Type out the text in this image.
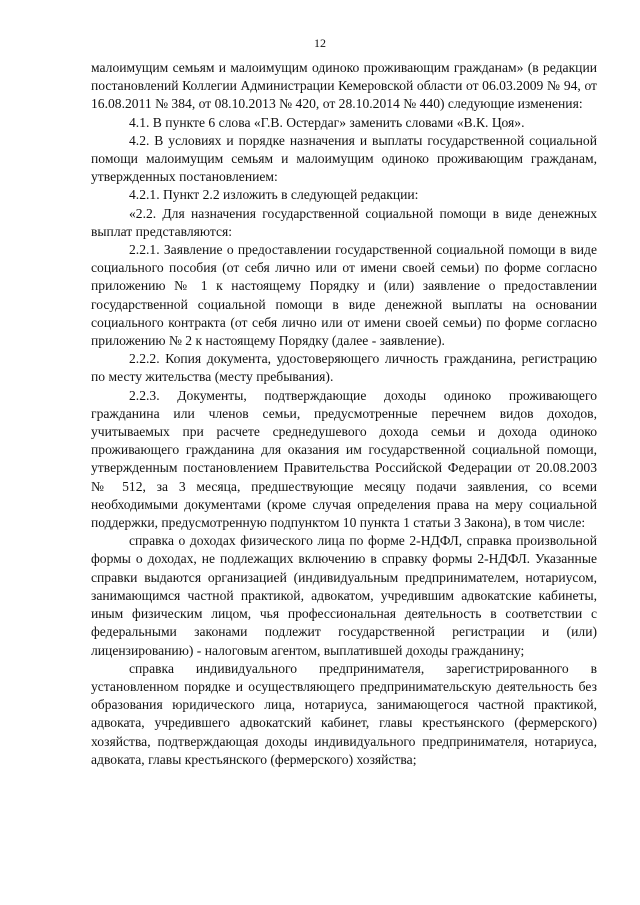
12

малоимущим семьям и малоимущим одиноко проживающим гражданам» (в редакции постановлений Коллегии Администрации Кемеровской области от 06.03.2009 № 94, от 16.08.2011 № 384, от 08.10.2013 № 420, от 28.10.2014 № 440) следующие изменения:

4.1. В пункте 6 слова «Г.В. Остердаг» заменить словами «В.К. Цоя».

4.2. В условиях и порядке назначения и выплаты государственной социальной помощи малоимущим семьям и малоимущим одиноко проживающим гражданам, утвержденных постановлением:

4.2.1. Пункт 2.2 изложить в следующей редакции:

«2.2. Для назначения государственной социальной помощи в виде денежных выплат представляются:

2.2.1. Заявление о предоставлении государственной социальной помощи в виде социального пособия (от себя лично или от имени своей семьи) по форме согласно приложению № 1 к настоящему Порядку и (или) заявление о предоставлении государственной социальной помощи в виде денежной выплаты на основании социального контракта (от себя лично или от имени своей семьи) по форме согласно приложению № 2 к настоящему Порядку (далее - заявление).

2.2.2. Копия документа, удостоверяющего личность гражданина, регистрацию по месту жительства (месту пребывания).

2.2.3. Документы, подтверждающие доходы одиноко проживающего гражданина или членов семьи, предусмотренные перечнем видов доходов, учитываемых при расчете среднедушевого дохода семьи и дохода одиноко проживающего гражданина для оказания им государственной социальной помощи, утвержденным постановлением Правительства Российской Федерации от 20.08.2003 № 512, за 3 месяца, предшествующие месяцу подачи заявления, со всеми необходимыми документами (кроме случая определения права на меру социальной поддержки, предусмотренную подпунктом 10 пункта 1 статьи 3 Закона), в том числе:

справка о доходах физического лица по форме 2-НДФЛ, справка произвольной формы о доходах, не подлежащих включению в справку формы 2-НДФЛ. Указанные справки выдаются организацией (индивидуальным предпринимателем, нотариусом, занимающимся частной практикой, адвокатом, учредившим адвокатские кабинеты, иным физическим лицом, чья профессиональная деятельность в соответствии с федеральными законами подлежит государственной регистрации и (или) лицензированию) - налоговым агентом, выплатившей доходы гражданину;

справка индивидуального предпринимателя, зарегистрированного в установленном порядке и осуществляющего предпринимательскую деятельность без образования юридического лица, нотариуса, занимающегося частной практикой, адвоката, учредившего адвокатский кабинет, главы крестьянского (фермерского) хозяйства, подтверждающая доходы индивидуального предпринимателя, нотариуса, адвоката, главы крестьянского (фермерского) хозяйства;
